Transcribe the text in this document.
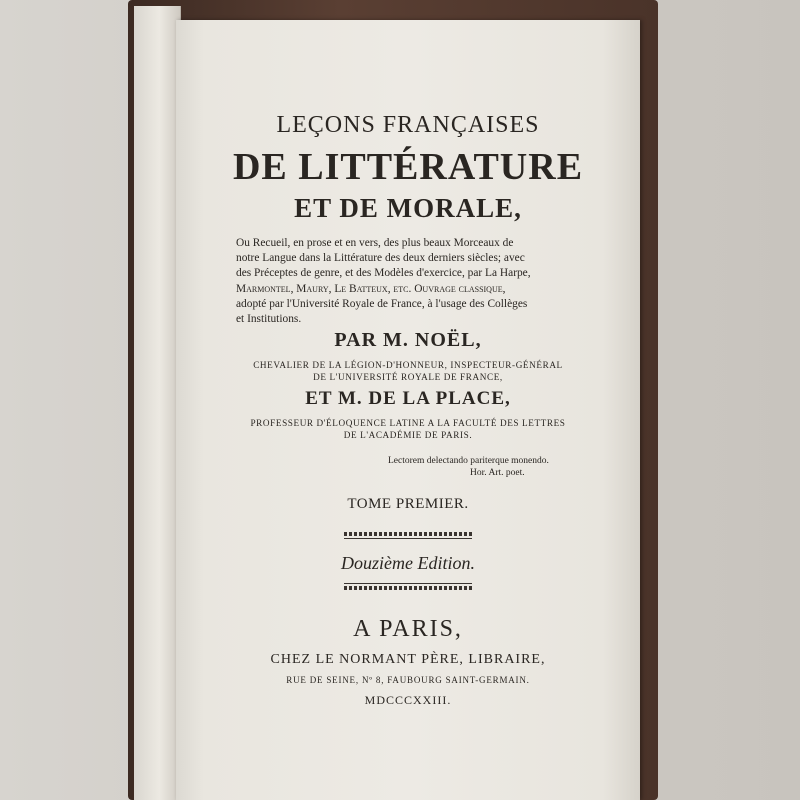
LEÇONS FRANÇAISES
DE LITTÉRATURE
ET DE MORALE,
Ou Recueil, en prose et en vers, des plus beaux Morceaux de
notre Langue dans la Littérature des deux derniers siècles; avec
des Préceptes de genre, et des Modèles d'exercice, par La Harpe,
Marmontel, Maury, Le Batteux, etc. Ouvrage classique,
adopté par l'Université Royale de France, à l'usage des Collèges
et Institutions.
PAR M. NOËL,
CHEVALIER DE LA LÉGION-D'HONNEUR, INSPECTEUR-GÉNÉRAL
DE L'UNIVERSITÉ ROYALE DE FRANCE,
ET M. DE LA PLACE,
PROFESSEUR D'ÉLOQUENCE LATINE A LA FACULTÉ DES LETTRES
DE L'ACADÉMIE DE PARIS.
Lectorem delectando pariterque monendo.
Hor. Art. poet.
TOME PREMIER.
Douzième Edition.
A PARIS,
CHEZ LE NORMANT PÈRE, LIBRAIRE,
RUE DE SEINE, Nº 8, FAUBOURG SAINT-GERMAIN.
MDCCCXXIII.
